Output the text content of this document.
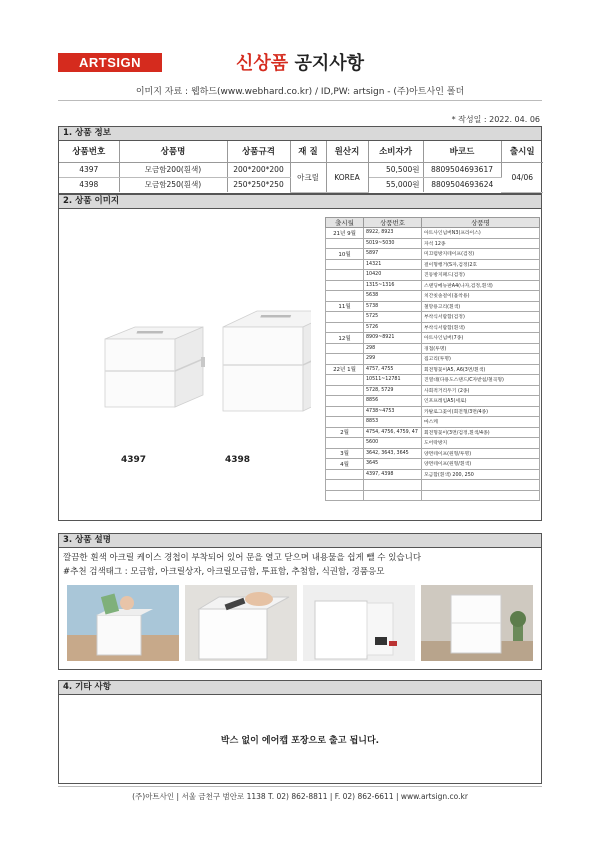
ARTSIGN	신상품 공지사항
이미지 자료 : 웹하드(www.webhard.co.kr) / ID,PW: artsign - (주)아트사인 폴더
* 작성일 : 2022. 04. 06
1. 상품 정보
상품번호	상품명	상품규격	재 질	원산지	소비자가	바코드	출시일
4397	모금함200(흰색)	200*200*200	아크릴	KOREA	50,500원	8809504693617	04/06
4398	모금함250(흰색)	250*250*250			55,000원	8809504693624	
2. 상품 이미지
4397	4398
출시월	상품번호	상품명
21년 9월	8922, 8923	아트사인넘버N3(프라이스)
	5019~5030	자석 12종
10월	5897	미끄럼방지테이프(검정)
	14321	걸이형행거(S자,검정)2호
	10420	진동방지패드(검정)
	1315~1316	스탠딩메뉴판A4(나자,검정,흰색)
	5638	치간칫솔걸이(흡착용)
11월	5738	철망용고리(흰색)
	5725	부착식서랍함(검정)
	5726	부착식서랍함(흰색)
12월	8909~8921	아트사인넘버(7종)
	298	경첩(투명)
	299	집고리(투명)
22년 1월	4757, 4755	회전형꽂이A5, A6(3면/흰색)
	10511~12781	진열대(다용도스탠드/C자받침/철곡형)
	5728, 5729	사회적거리두기 (2종)
	8856	인포프레임A5(세로)
	4738~4753	카탈로그꽂이(회전형/3면/4종)
	8853	마스케
2월	4754, 4756, 4759, 47	회전형꽂이(3면/검정,흰색/4종)
	5600	도어락방지
3월	3642, 3643, 3645	양면테이프(원형/투명)
4월	3645	양면테이프(원형/흰색)
	4397, 4398	모금함(흰색) 200, 250

3. 상품 설명
깔끔한 흰색 아크릴 케이스 경첩이 부착되어 있어 문을 열고 닫으며 내용물을 쉽게 뺄 수 있습니다
#추천 검색태그 : 모금함, 아크릴상자, 아크릴모금함, 투표함, 추첨함, 식권함, 경품응모
4. 기타 사항
박스 없이 에어캡 포장으로 출고 됩니다.
(주)아트사인 | 서울 금천구 범안로 1138 T. 02) 862-8811 | F. 02) 862-6611 | www.artsign.co.kr
